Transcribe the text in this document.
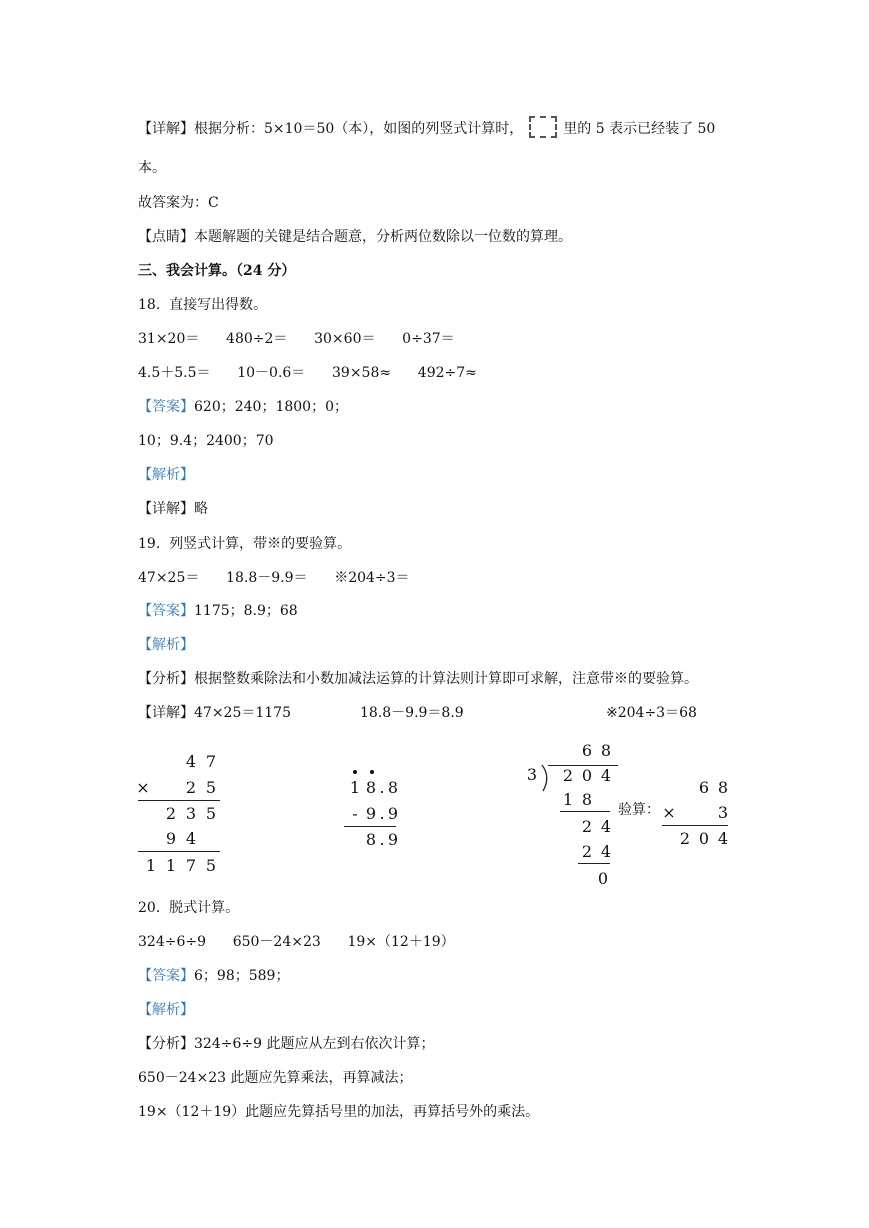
【详解】根据分析：5×10＝50（本），如图的列竖式计算时，	里的 5 表示已经装了 50
本。
故答案为：C
【点睛】本题解题的关键是结合题意，分析两位数除以一位数的算理。
三、我会计算。（24 分）
18.  直接写出得数。
31×20＝      480÷2＝      30×60＝      0÷37＝
4.5＋5.5＝      10－0.6＝      39×58≈      492÷7≈
【答案】620；240；1800；0；
10；9.4；2400；70
【解析】
【详解】略
19.  列竖式计算，带※的要验算。
47×25＝      18.8－9.9＝      ※204÷3＝
【答案】1175；8.9；68
【解析】
【分析】根据整数乘除法和小数加减法运算的计算法则计算即可求解，注意带※的要验算。
【详解】47×25＝1175	18.8－9.9＝8.9	※204÷3＝68
4 7
× 2 5
2 3 5
9 4
1 1 7 5
1 8 . 8
- 9 . 9
8 . 9
6 8
3 2 0 4
1 8
2 4
2 4
0
验算：
6 8
×	3
2 0 4
20.  脱式计算。
324÷6÷9      650－24×23      19×（12＋19）
【答案】6；98；589；
【解析】
【分析】324÷6÷9 此题应从左到右依次计算；
650－24×23 此题应先算乘法，再算减法；
19×（12＋19）此题应先算括号里的加法，再算括号外的乘法。
